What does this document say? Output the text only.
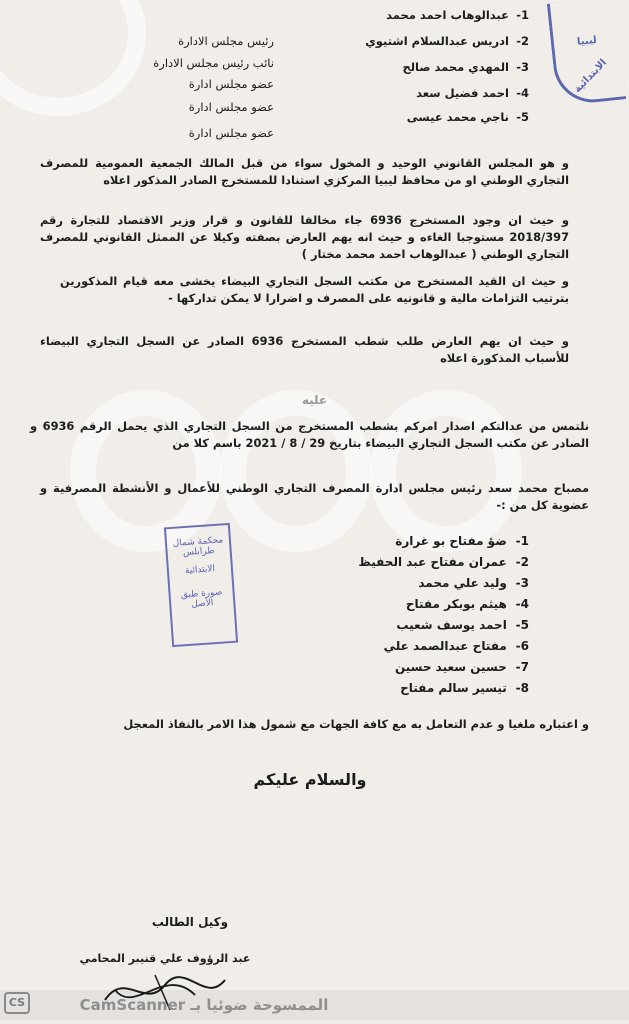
ليبيا
الابتدائية
1-
عبدالوهاب احمد محمد
2-
ادريس عبدالسلام اشتيوي
رئيس مجلس الادارة
3-
المهدي محمد صالح
نائب رئيس مجلس الادارة
4-
احمد فضيل سعد
عضو مجلس ادارة
5-
ناجي محمد عيسى
عضو مجلس ادارة
عضو مجلس ادارة
و هو المجلس القانوني الوحيد و المخول سواء من قبل المالك الجمعية العمومية للمصرف التجاري الوطني او من محافظ ليبيا المركزي استنادا للمستخرج الصادر المذكور اعلاه
و حيث ان وجود المستخرج 6936 جاء مخالفا للقانون و قرار وزير الاقتصاد للتجارة رقم 2018/397 مستوجبا الغاءه و حيث انه يهم العارض بصفته وكيلا عن الممثل القانوني للمصرف التجاري الوطني ( عبدالوهاب احمد محمد مختار )
و حيث ان القيد المستخرج من مكتب السجل التجاري البيضاء يخشى معه قيام المذكورين بترتيب التزامات مالية و قانونيه على المصرف و اضرارا لا يمكن تداركها -
و حيث ان يهم العارض طلب شطب المستخرج 6936 الصادر عن السجل التجاري البيضاء للأسباب المذكورة اعلاه
عليه
نلتمس من عدالتكم اصدار امركم بشطب المستخرج من السجل التجاري الذي يحمل الرقم 6936 و الصادر عن مكتب السجل التجاري البيضاء بتاريخ 29 / 8 / 2021 باسم كلا من
مصباح محمد سعد رئيس مجلس ادارة المصرف التجاري الوطني للأعمال و الأنشطة المصرفية و عضوية كل من :-
محكمة شمال طرابلس
الابتدائية
صورة طبق الأصل
1- ضؤ مفتاح بو غرارة
2- عمران مفتاح عبد الحفيظ
3- وليد علي محمد
4- هيثم بوبكر مفتاح
5- احمد يوسف شعيب
6- مفتاح عبدالصمد علي
7- حسين سعيد حسين
8- تيسير سالم مفتاح
و اعتباره ملغيا و عدم التعامل به مع كافة الجهات مع شمول هذا الامر بالنفاذ المعجل
والسلام عليكم
وكيل الطالب
عبد الرؤوف علي قنيبر المحامي
CS	الممسوحة ضوئيا بـ CamScanner
